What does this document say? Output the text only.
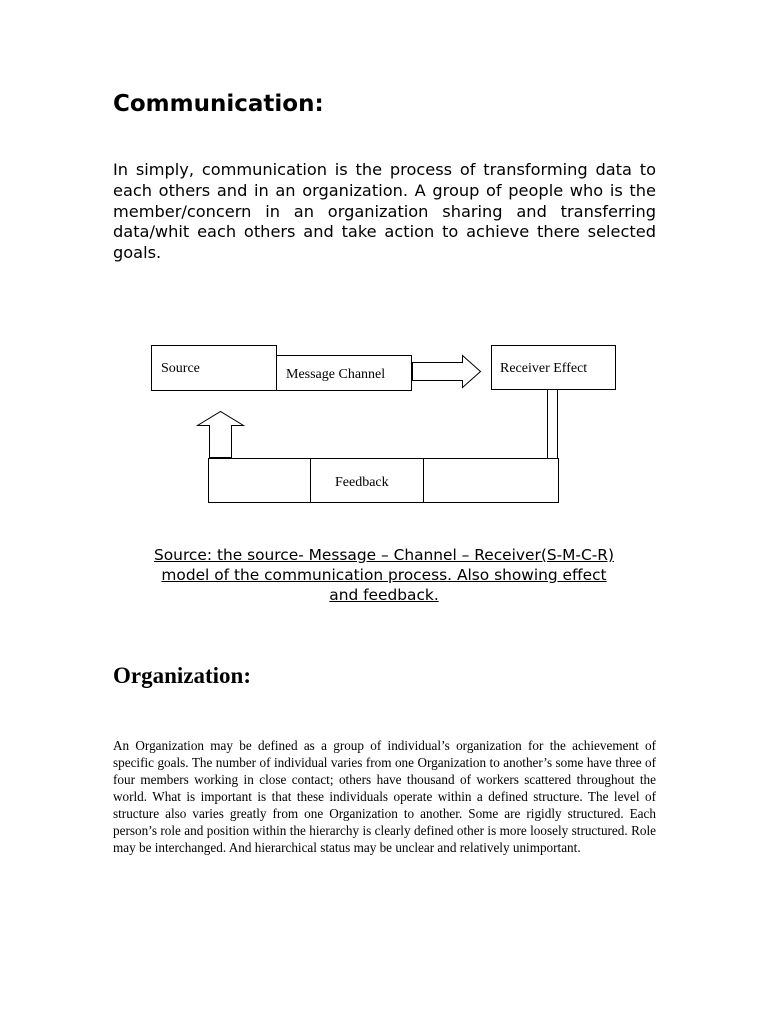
Communication:

In simply, communication is the process of transforming data to each others and in an organization. A group of people who is the member/concern in an organization sharing and transferring data/whit each others and take action to achieve there selected goals.

Source	Message Channel	Receiver Effect
Feedback

Source: the source- Message – Channel – Receiver(S-M-C-R)
model of the communication process. Also showing effect
and feedback.

Organization:

An Organization may be defined as a group of individual’s organization for the achievement of specific goals. The number of individual varies from one Organization to another’s some have three of four members working in close contact; others have thousand of workers scattered throughout the world. What is important is that these individuals operate within a defined structure. The level of structure also varies greatly from one Organization to another. Some are rigidly structured. Each person’s role and position within the hierarchy is clearly defined other is more loosely structured. Role may be interchanged. And hierarchical status may be unclear and relatively unimportant.
